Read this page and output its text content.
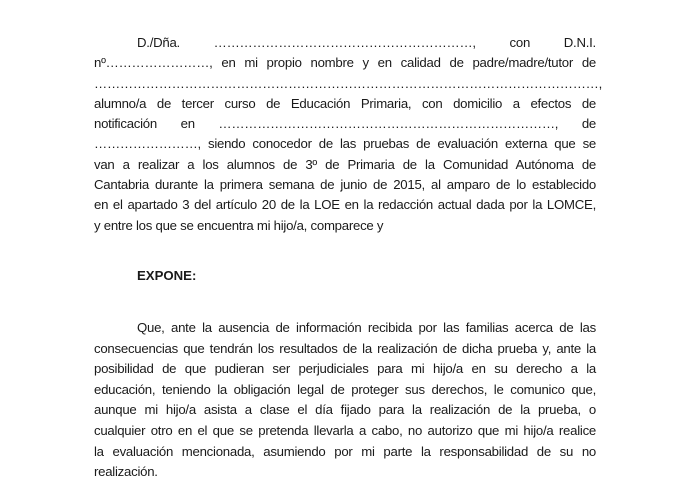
D./Dña.	……………………………………………………,	con	D.N.I.
nº……………………, en mi propio nombre y en calidad de padre/madre/tutor de
………………………………………………………………………………………………………,
alumno/a de tercer curso de Educación Primaria, con domicilio a efectos de
notificación en ……………………………………………………………………, de
……………………, siendo conocedor de las pruebas de evaluación externa que se
van a realizar a los alumnos de 3º de Primaria de la Comunidad Autónoma de
Cantabria durante la primera semana de junio de 2015, al amparo de lo establecido
en el apartado 3 del artículo 20 de la LOE en la redacción actual dada por la LOMCE,
y entre los que se encuentra mi hijo/a, comparece y
EXPONE:
Que, ante la ausencia de información recibida por las familias acerca de las
consecuencias que tendrán los resultados de la realización de dicha prueba y, ante la
posibilidad de que pudieran ser perjudiciales para mi hijo/a en su derecho a la
educación, teniendo la obligación legal de proteger sus derechos, le comunico que,
aunque mi hijo/a asista a clase el día fijado para la realización de la prueba, o
cualquier otro en el que se pretenda llevarla a cabo, no autorizo que mi hijo/a realice
la evaluación mencionada, asumiendo por mi parte la responsabilidad de su no
realización.
